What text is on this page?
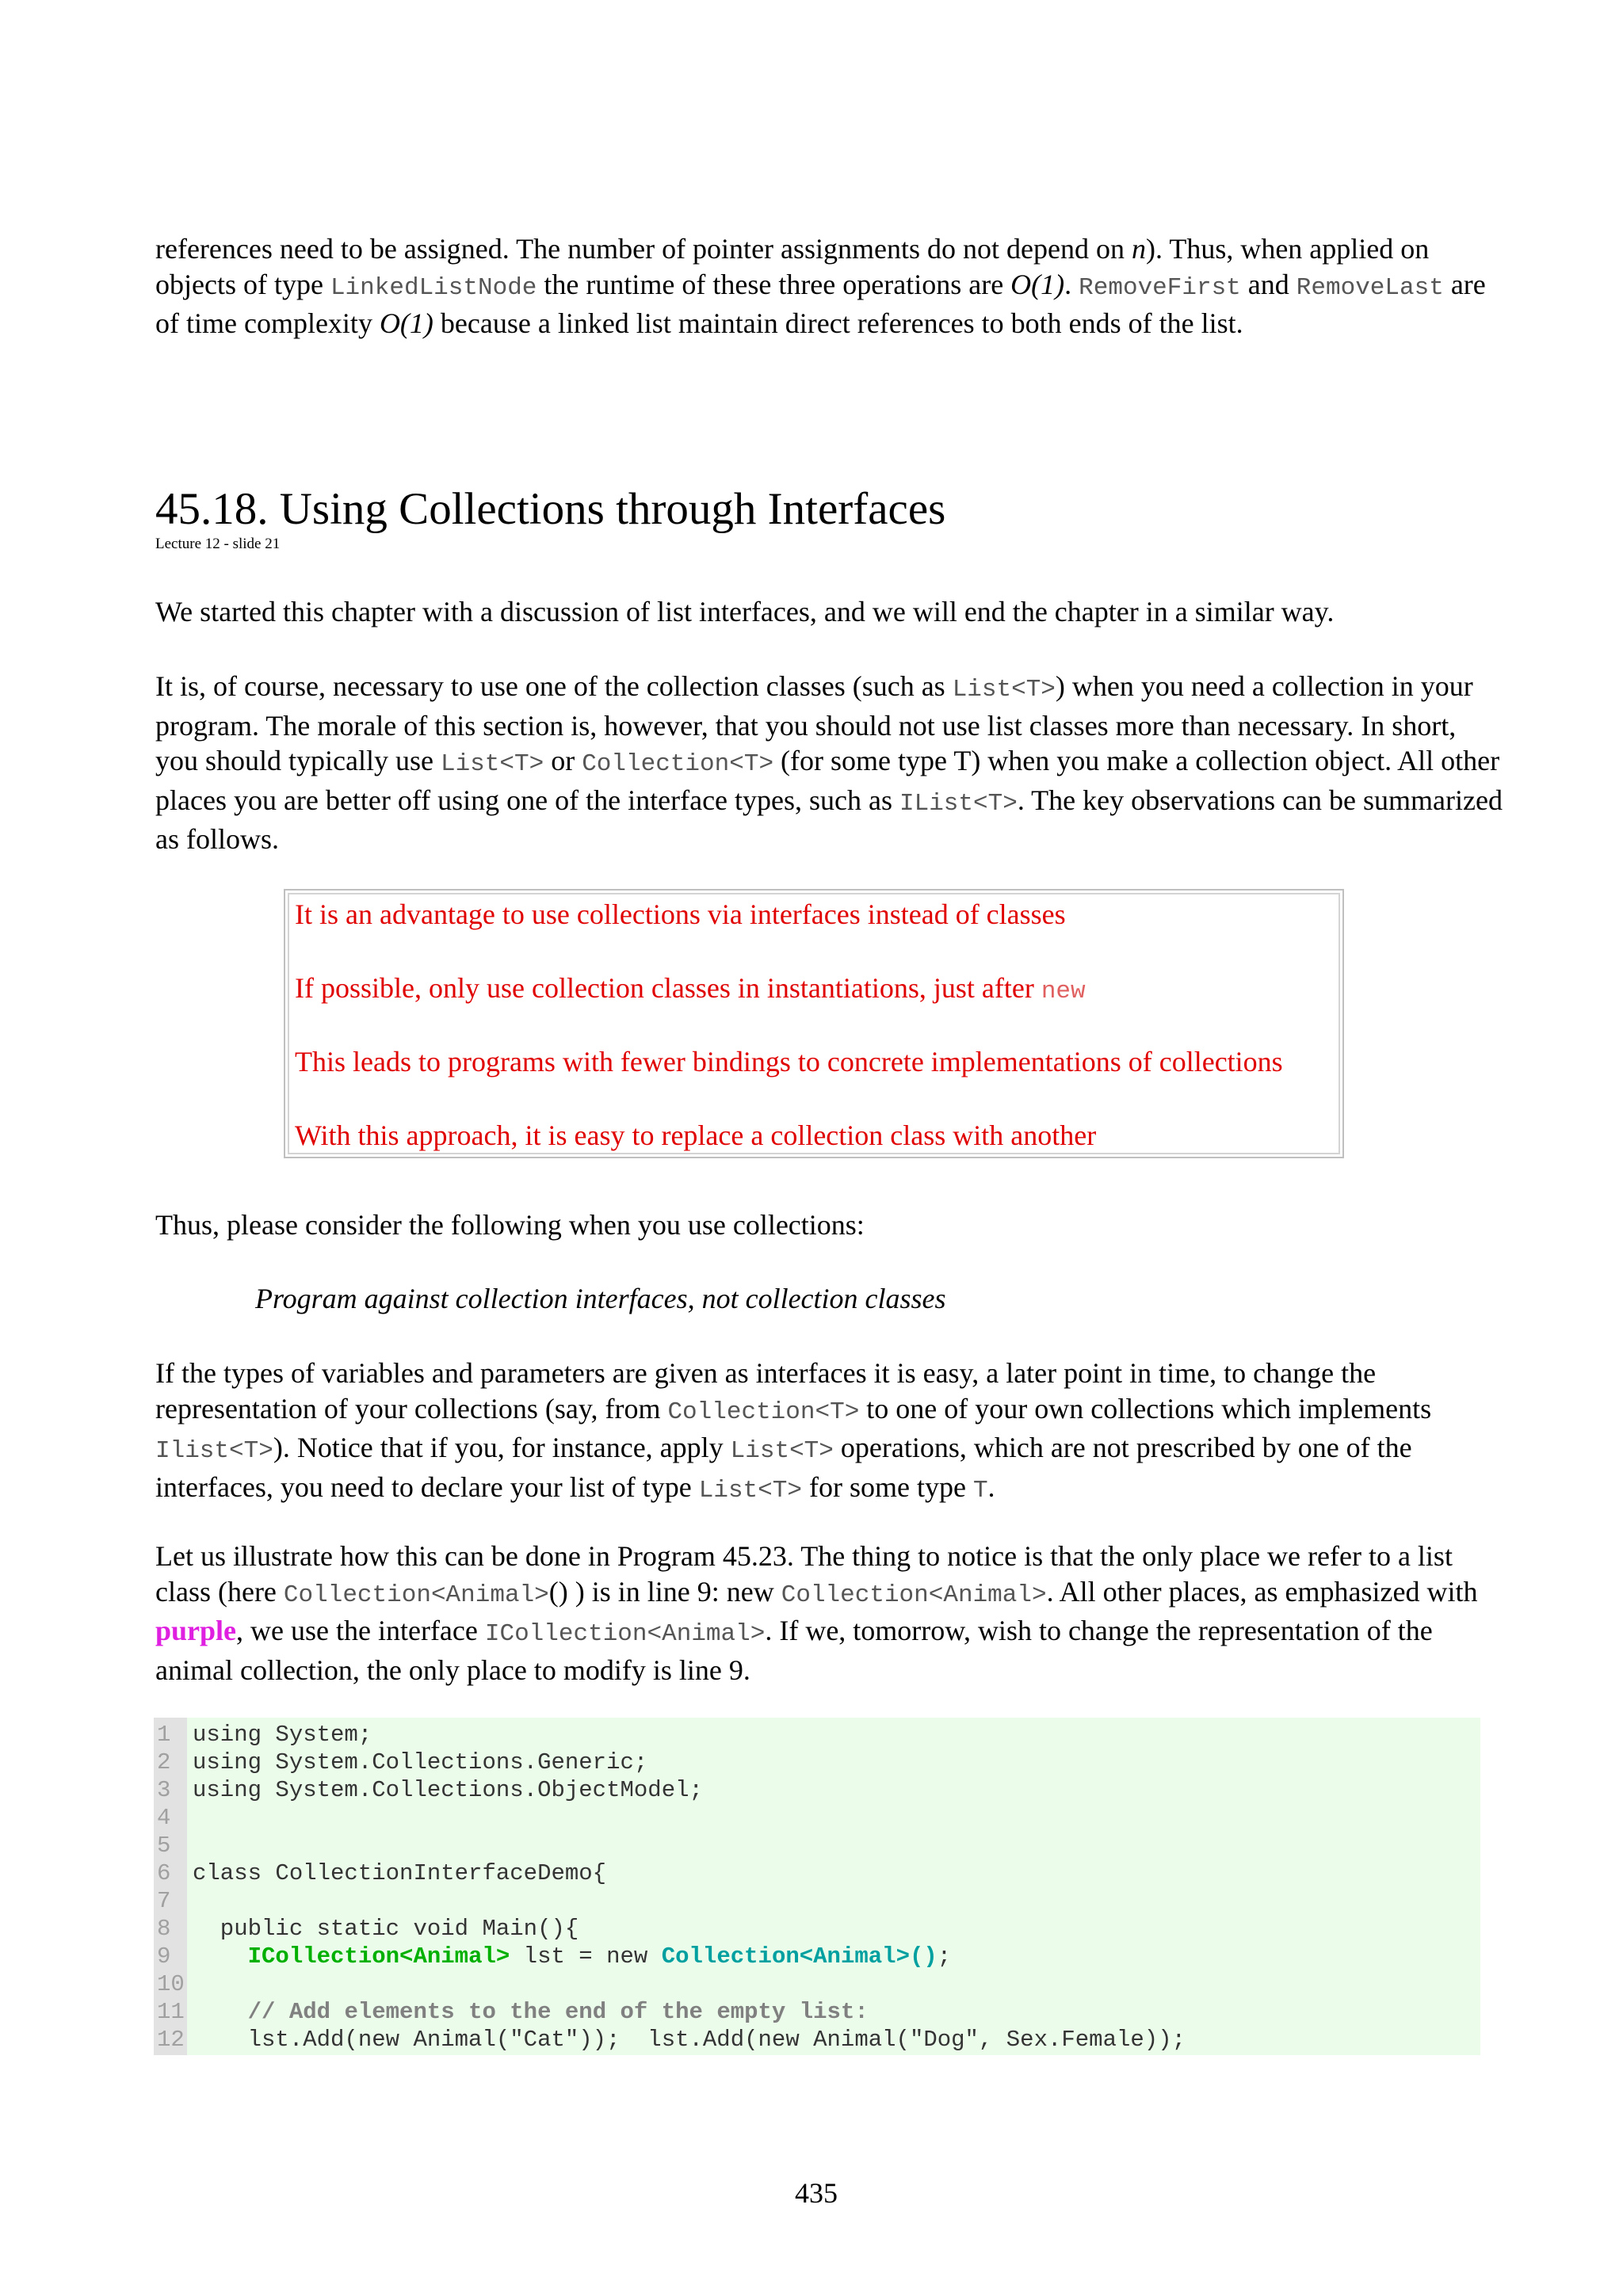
references need to be assigned. The number of pointer assignments do not depend on n). Thus, when applied on objects of type LinkedListNode the runtime of these three operations are O(1). RemoveFirst and RemoveLast are of time complexity O(1) because a linked list maintain direct references to both ends of the list.

45.18. Using Collections through Interfaces
Lecture 12 - slide 21

We started this chapter with a discussion of list interfaces, and we will end the chapter in a similar way.

It is, of course, necessary to use one of the collection classes (such as List<T>) when you need a collection in your program. The morale of this section is, however, that you should not use list classes more than necessary. In short, you should typically use List<T> or Collection<T> (for some type T) when you make a collection object. All other places you are better off using one of the interface types, such as IList<T>. The key observations can be summarized as follows.

It is an advantage to use collections via interfaces instead of classes

If possible, only use collection classes in instantiations, just after new

This leads to programs with fewer bindings to concrete implementations of collections

With this approach, it is easy to replace a collection class with another

Thus, please consider the following when you use collections:

Program against collection interfaces, not collection classes

If the types of variables and parameters are given as interfaces it is easy, a later point in time, to change the representation of your collections (say, from Collection<T> to one of your own collections which implements Ilist<T>). Notice that if you, for instance, apply List<T> operations, which are not prescribed by one of the interfaces, you need to declare your list of type List<T> for some type T.

Let us illustrate how this can be done in Program 45.23. The thing to notice is that the only place we refer to a list class (here Collection<Animal>() ) is in line 9: new Collection<Animal>. All other places, as emphasized with purple, we use the interface ICollection<Animal>. If we, tomorrow, wish to change the representation of the animal collection, the only place to modify is line 9.

1 using System;
2 using System.Collections.Generic;
3 using System.Collections.ObjectModel;
4
5
6 class CollectionInterfaceDemo{
7
8  public static void Main(){
9	ICollection<Animal> lst = new Collection<Animal>();
10
11	// Add elements to the end of the empty list:
12    lst.Add(new Animal("Cat"));  lst.Add(new Animal("Dog", Sex.Female));
435
